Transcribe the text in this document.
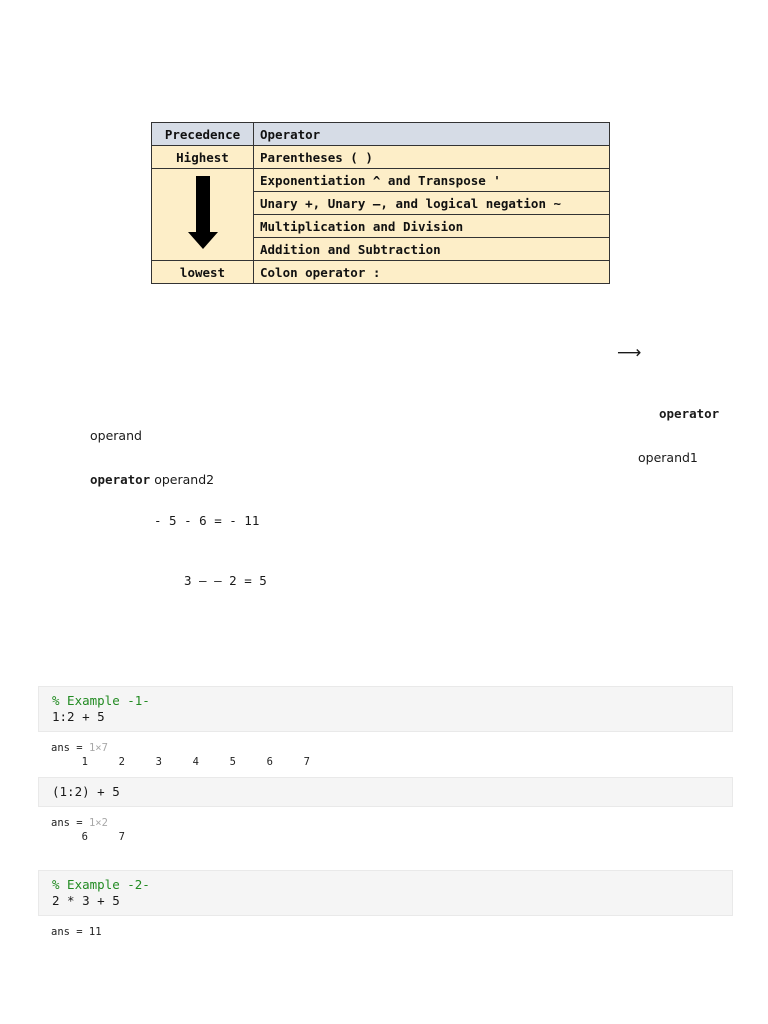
Precedence	Operator
Highest	Parentheses ( )
	Exponentiation ^ and Transpose '
	Unary +, Unary –, and logical negation ~
	Multiplication and Division
	Addition and Subtraction
lowest	Colon operator :
⟶
operator
operand
operand1
operator operand2
- 5 - 6 = - 11
3 – – 2 = 5
% Example -1-
1:2 + 5
ans = 1×7

1	2	3	4	5	6	7
(1:2) + 5
ans = 1×2

6	7
% Example -2-
2 * 3 + 5
ans = 11
